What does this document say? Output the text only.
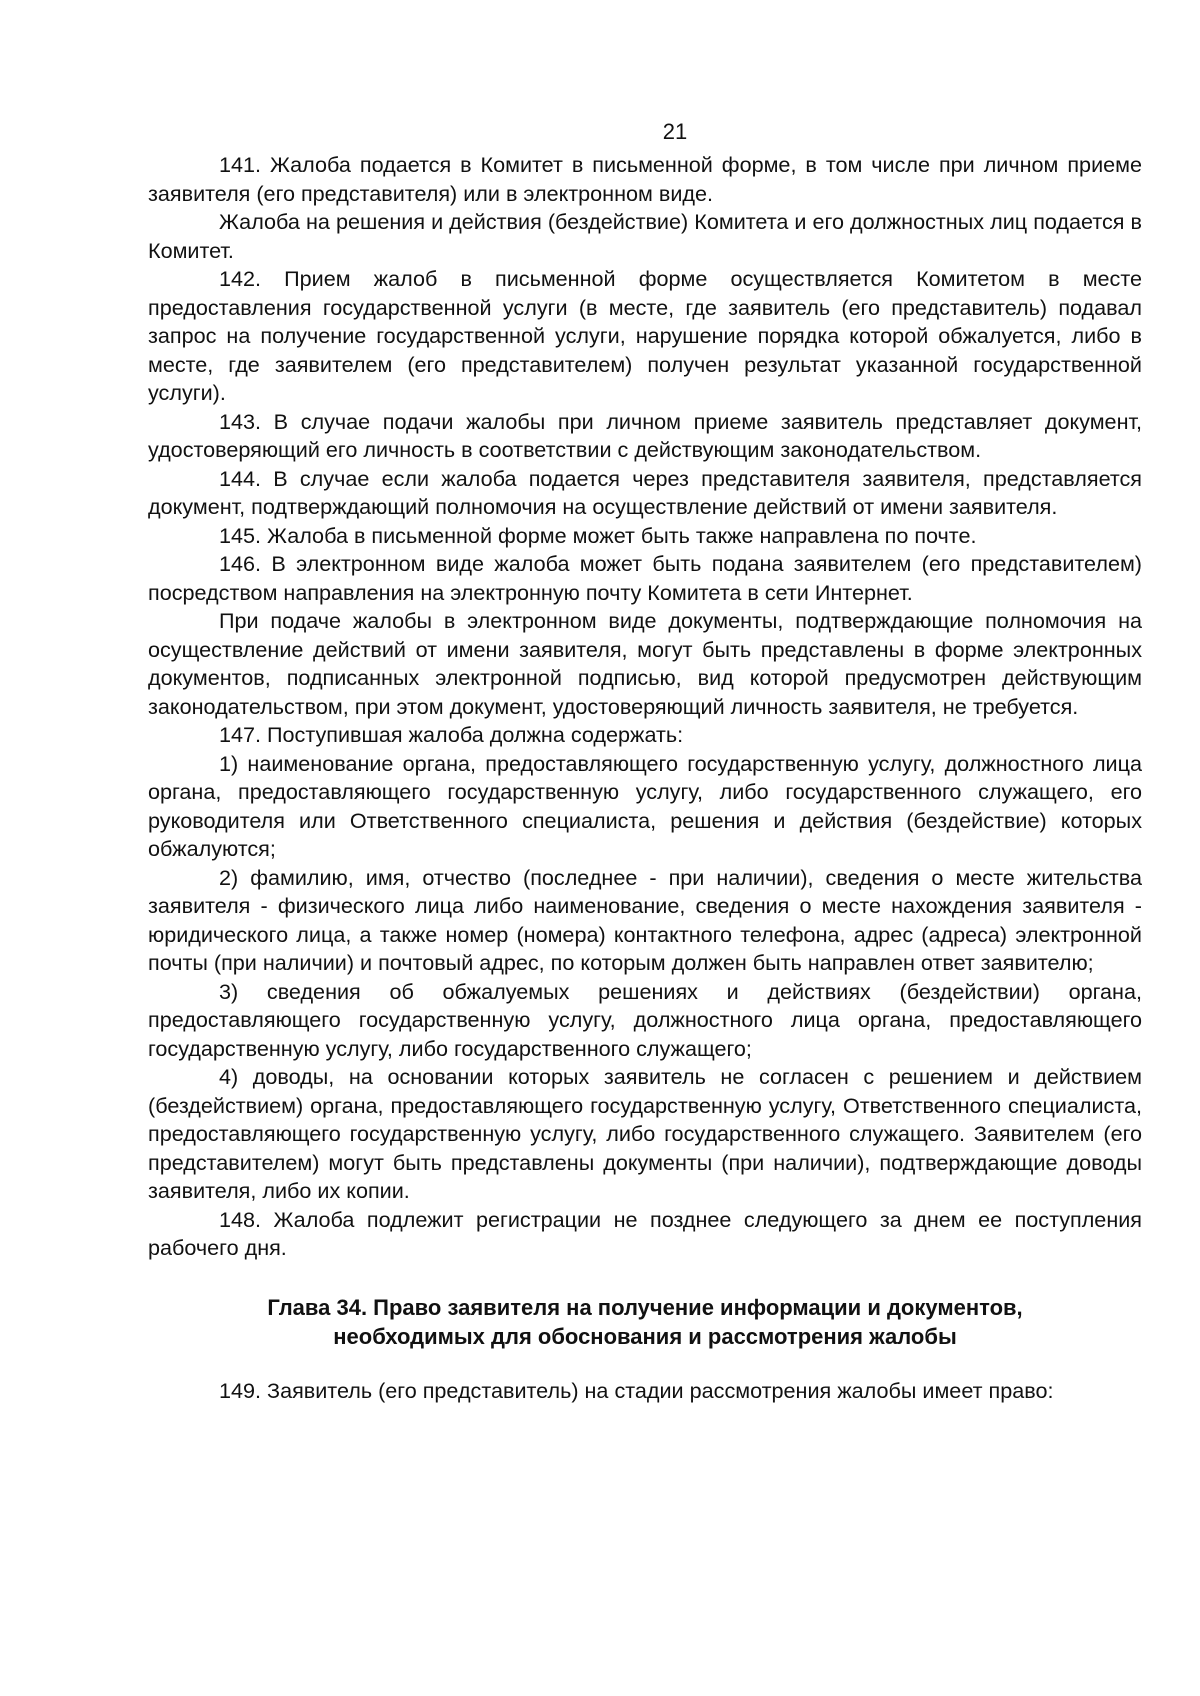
21

141. Жалоба подается в Комитет в письменной форме, в том числе при личном приеме заявителя (его представителя) или в электронном виде.

Жалоба на решения и действия (бездействие) Комитета и его должностных лиц подается в Комитет.

142. Прием жалоб в письменной форме осуществляется Комитетом в месте предоставления государственной услуги (в месте, где заявитель (его представитель) подавал запрос на получение государственной услуги, нарушение порядка которой обжалуется, либо в месте, где заявителем (его представителем) получен результат указанной государственной услуги).

143. В случае подачи жалобы при личном приеме заявитель представляет документ, удостоверяющий его личность в соответствии с действующим законодательством.

144. В случае если жалоба подается через представителя заявителя, представляется документ, подтверждающий полномочия на осуществление действий от имени заявителя.

145. Жалоба в письменной форме может быть также направлена по почте.

146. В электронном виде жалоба может быть подана заявителем (его представителем) посредством направления на электронную почту Комитета в сети Интернет.

При подаче жалобы в электронном виде документы, подтверждающие полномочия на осуществление действий от имени заявителя, могут быть представлены в форме электронных документов, подписанных электронной подписью, вид которой предусмотрен действующим законодательством, при этом документ, удостоверяющий личность заявителя, не требуется.

147. Поступившая жалоба должна содержать:

1) наименование органа, предоставляющего государственную услугу, должностного лица органа, предоставляющего государственную услугу, либо государственного служащего, его руководителя или Ответственного специалиста, решения и действия (бездействие) которых обжалуются;

2) фамилию, имя, отчество (последнее - при наличии), сведения о месте жительства заявителя - физического лица либо наименование, сведения о месте нахождения заявителя - юридического лица, а также номер (номера) контактного телефона, адрес (адреса) электронной почты (при наличии) и почтовый адрес, по которым должен быть направлен ответ заявителю;

3) сведения об обжалуемых решениях и действиях (бездействии) органа, предоставляющего государственную услугу, должностного лица органа, предоставляющего государственную услугу, либо государственного служащего;

4) доводы, на основании которых заявитель не согласен с решением и действием (бездействием) органа, предоставляющего государственную услугу, Ответственного специалиста, предоставляющего государственную услугу, либо государственного служащего. Заявителем (его представителем) могут быть представлены документы (при наличии), подтверждающие доводы заявителя, либо их копии.

148. Жалоба подлежит регистрации не позднее следующего за днем ее поступления рабочего дня.

Глава 34. Право заявителя на получение информации и документов,
необходимых для обоснования и рассмотрения жалобы

149. Заявитель (его представитель) на стадии рассмотрения жалобы имеет право:
